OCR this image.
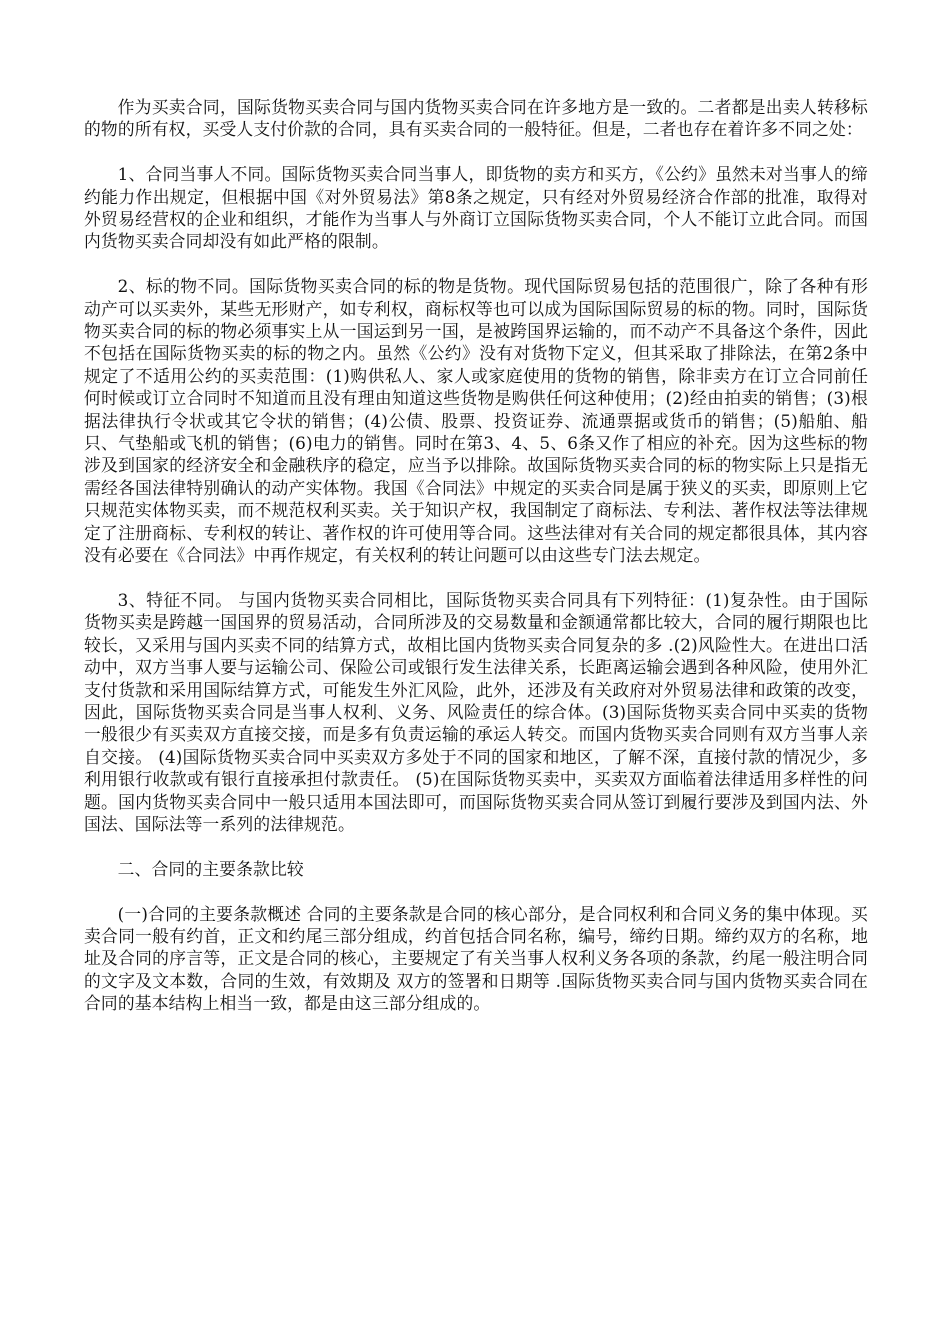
作为买卖合同，国际货物买卖合同与国内货物买卖合同在许多地方是一致的。二者都是出卖人转移标的物的所有权，买受人支付价款的合同，具有买卖合同的一般特征。但是，二者也存在着许多不同之处：

1、合同当事人不同。国际货物买卖合同当事人，即货物的卖方和买方，《公约》虽然未对当事人的缔约能力作出规定，但根据中国《对外贸易法》第8条之规定，只有经对外贸易经济合作部的批准，取得对外贸易经营权的企业和组织，才能作为当事人与外商订立国际货物买卖合同，个人不能订立此合同。而国内货物买卖合同却没有如此严格的限制。

2、标的物不同。国际货物买卖合同的标的物是货物。现代国际贸易包括的范围很广，除了各种有形动产可以买卖外，某些无形财产，如专利权，商标权等也可以成为国际国际贸易的标的物。同时，国际货物买卖合同的标的物必须事实上从一国运到另一国，是被跨国界运输的，而不动产不具备这个条件，因此不包括在国际货物买卖的标的物之内。虽然《公约》没有对货物下定义，但其采取了排除法，在第2条中规定了不适用公约的买卖范围：(1)购供私人、家人或家庭使用的货物的销售，除非卖方在订立合同前任何时候或订立合同时不知道而且没有理由知道这些货物是购供任何这种使用；(2)经由拍卖的销售；(3)根据法律执行令状或其它令状的销售；(4)公债、股票、投资证券、流通票据或货币的销售；(5)船舶、船只、气垫船或飞机的销售；(6)电力的销售。同时在第3、4、5、6条又作了相应的补充。因为这些标的物涉及到国家的经济安全和金融秩序的稳定，应当予以排除。故国际货物买卖合同的标的物实际上只是指无需经各国法律特别确认的动产实体物。我国《合同法》中规定的买卖合同是属于狭义的买卖，即原则上它只规范实体物买卖，而不规范权利买卖。关于知识产权，我国制定了商标法、专利法、著作权法等法律规定了注册商标、专利权的转让、著作权的许可使用等合同。这些法律对有关合同的规定都很具体，其内容没有必要在《合同法》中再作规定，有关权利的转让问题可以由这些专门法去规定。

3、特征不同。 与国内货物买卖合同相比，国际货物买卖合同具有下列特征：(1)复杂性。由于国际货物买卖是跨越一国国界的贸易活动，合同所涉及的交易数量和金额通常都比较大，合同的履行期限也比较长，又采用与国内买卖不同的结算方式，故相比国内货物买卖合同复杂的多 .(2)风险性大。在进出口活动中，双方当事人要与运输公司、保险公司或银行发生法律关系，长距离运输会遇到各种风险，使用外汇支付货款和采用国际结算方式，可能发生外汇风险，此外，还涉及有关政府对外贸易法律和政策的改变，因此，国际货物买卖合同是当事人权利、义务、风险责任的综合体。(3)国际货物买卖合同中买卖的货物一般很少有买卖双方直接交接，而是多有负责运输的承运人转交。而国内货物买卖合同则有双方当事人亲自交接。 (4)国际货物买卖合同中买卖双方多处于不同的国家和地区，了解不深，直接付款的情况少，多利用银行收款或有银行直接承担付款责任。 (5)在国际货物买卖中，买卖双方面临着法律适用多样性的问题。国内货物买卖合同中一般只适用本国法即可，而国际货物买卖合同从签订到履行要涉及到国内法、外国法、国际法等一系列的法律规范。

二、合同的主要条款比较

(一)合同的主要条款概述 合同的主要条款是合同的核心部分，是合同权利和合同义务的集中体现。买卖合同一般有约首，正文和约尾三部分组成，约首包括合同名称，编号，缔约日期。缔约双方的名称，地址及合同的序言等，正文是合同的核心，主要规定了有关当事人权利义务各项的条款，约尾一般注明合同的文字及文本数，合同的生效，有效期及 双方的签署和日期等 .国际货物买卖合同与国内货物买卖合同在合同的基本结构上相当一致，都是由这三部分组成的。
